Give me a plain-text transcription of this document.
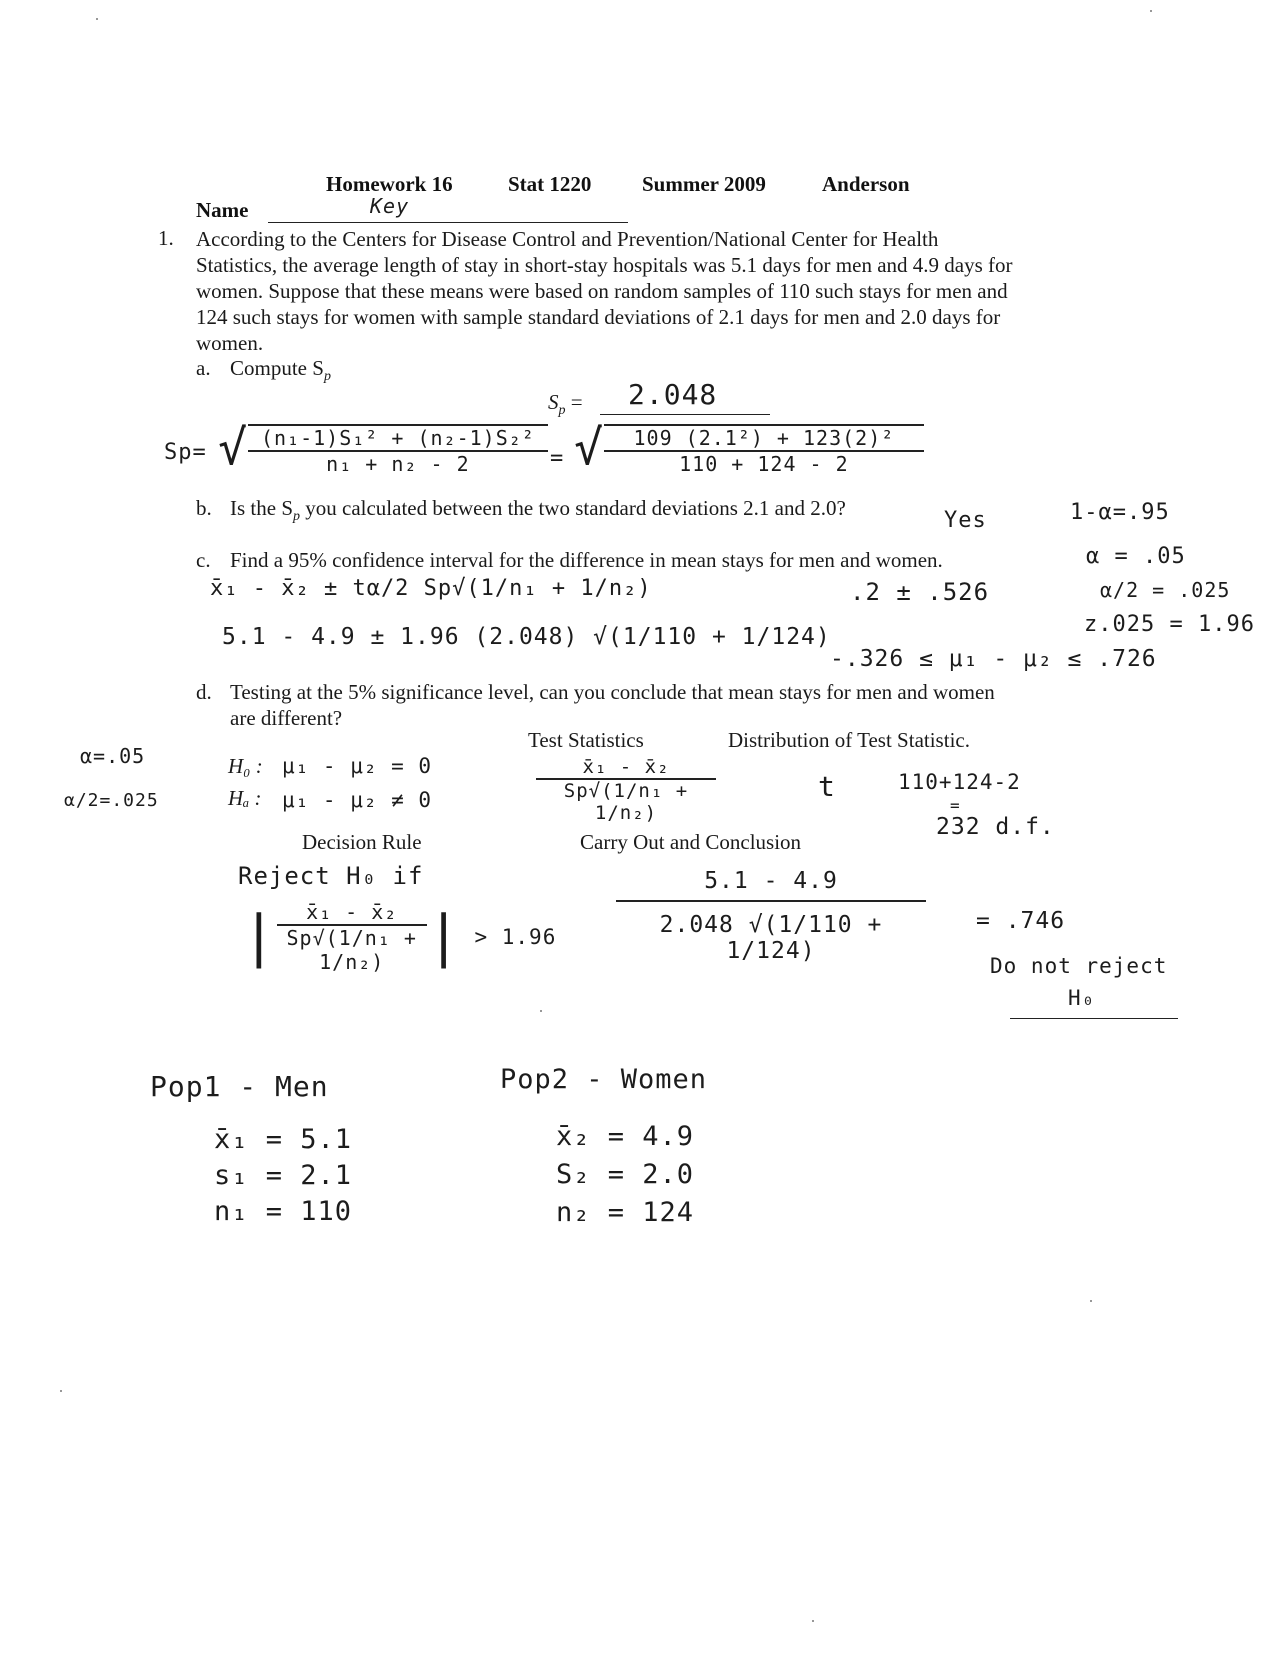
Homework 16	Stat 1220 Summer 2009	Anderson
Name	Key
1. According to the Centers for Disease Control and Prevention/National Center for Health

Statistics, the average length of stay in short-stay hospitals was 5.1 days for men and 4.9 days for

women. Suppose that these means were based on random samples of 110 such stays for men and

124 such stays for women with sample standard deviations of 2.1 days for men and 2.0 days for

women.

a. Compute $S_p$
$S_p = 2.048$
Sp= √ $\frac{\text{(n₁-1)S₁² + (n₂-1)S₂²}}{\text{n₁ + n₂ - 2}}$ = √ $\frac{\text{109 (2.1²) + 123(2)²}}{110 + 124 - 2}$
b. Is the $S_p$ you calculated between the two standard deviations 2.1 and 2.0?	Yes	1-α=.95
c. Find a 95% confidence interval for the difference in mean stays for men and women.	α = .05
α/2 = .025
z.025 = 1.96
x̄₁ - x̄₂ ± tα/2 Sp√(1/n₁ + 1/n₂)	.2 ± .526
5.1 - 4.9 ± 1.96 (2.048) √(1/110 + 1/124)
-.326 ≤ μ₁ - μ₂ ≤ .726
d. Testing at the 5% significance level, can you conclude that mean stays for men and women
are different?
α=.05
α/2=.025
H₀ : μ₁ - μ₂ = 0
Hₐ : μ₁ - μ₂ ≠ 0
Test Statistics
$\frac{\text{x̄₁ - x̄₂}}{\text{Sp√(1/n₁ + 1/n₂)}}$
Distribution of Test Statistic.
t	110+124-2
=
232 d.f.
Decision Rule
Reject H₀ if
| $\frac{\text{x̄₁ - x̄₂}}{\text{Sp√(1/n₁ + 1/n₂)}}$ | > 1.96
Carry Out and Conclusion
$\frac{5.1 - 4.9}{2.048 √(1/110 + 1/124)} = .746$
Do not reject
H₀
Pop1 - Men
x̄₁ = 5.1
s₁ = 2.1
n₁ = 110
Pop2 - Women
x̄₂ = 4.9
S₂ = 2.0
n₂ = 124
